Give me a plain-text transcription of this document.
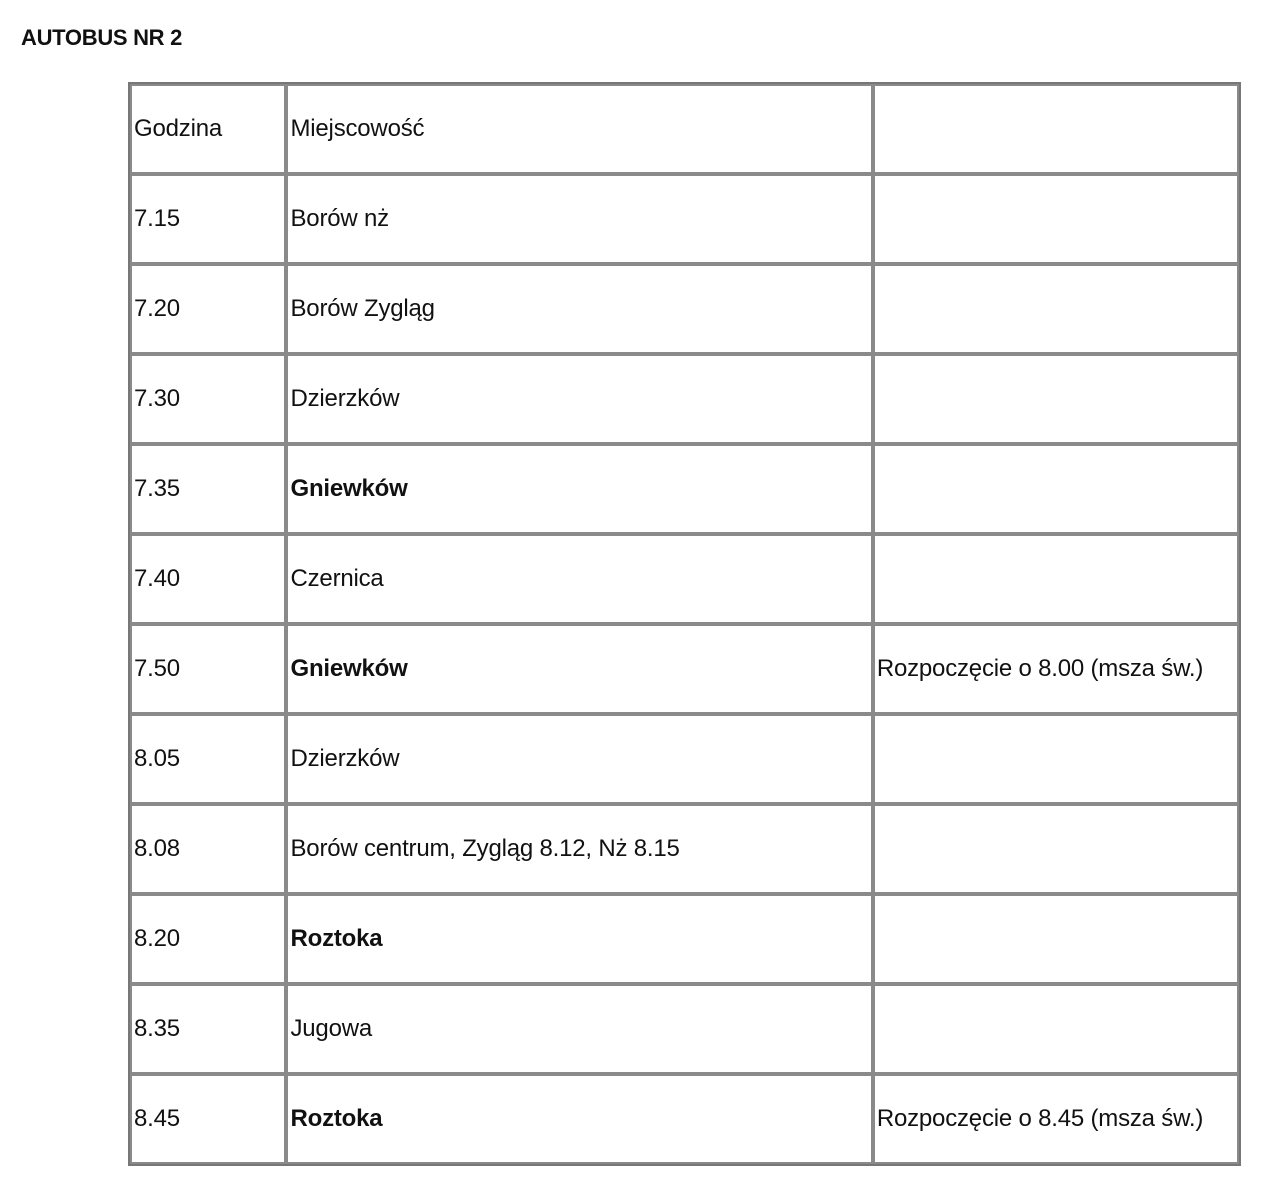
AUTOBUS NR 2
Godzina	Miejscowość	
7.15	Borów nż	
7.20	Borów Zygląg	
7.30	Dzierzków	
7.35	Gniewków	
7.40	Czernica	
7.50	Gniewków	Rozpoczęcie o 8.00 (msza św.)
8.05	Dzierzków	
8.08	Borów centrum, Zygląg 8.12, Nż 8.15	
8.20	Roztoka	
8.35	Jugowa	
8.45	Roztoka	Rozpoczęcie o 8.45 (msza św.)
